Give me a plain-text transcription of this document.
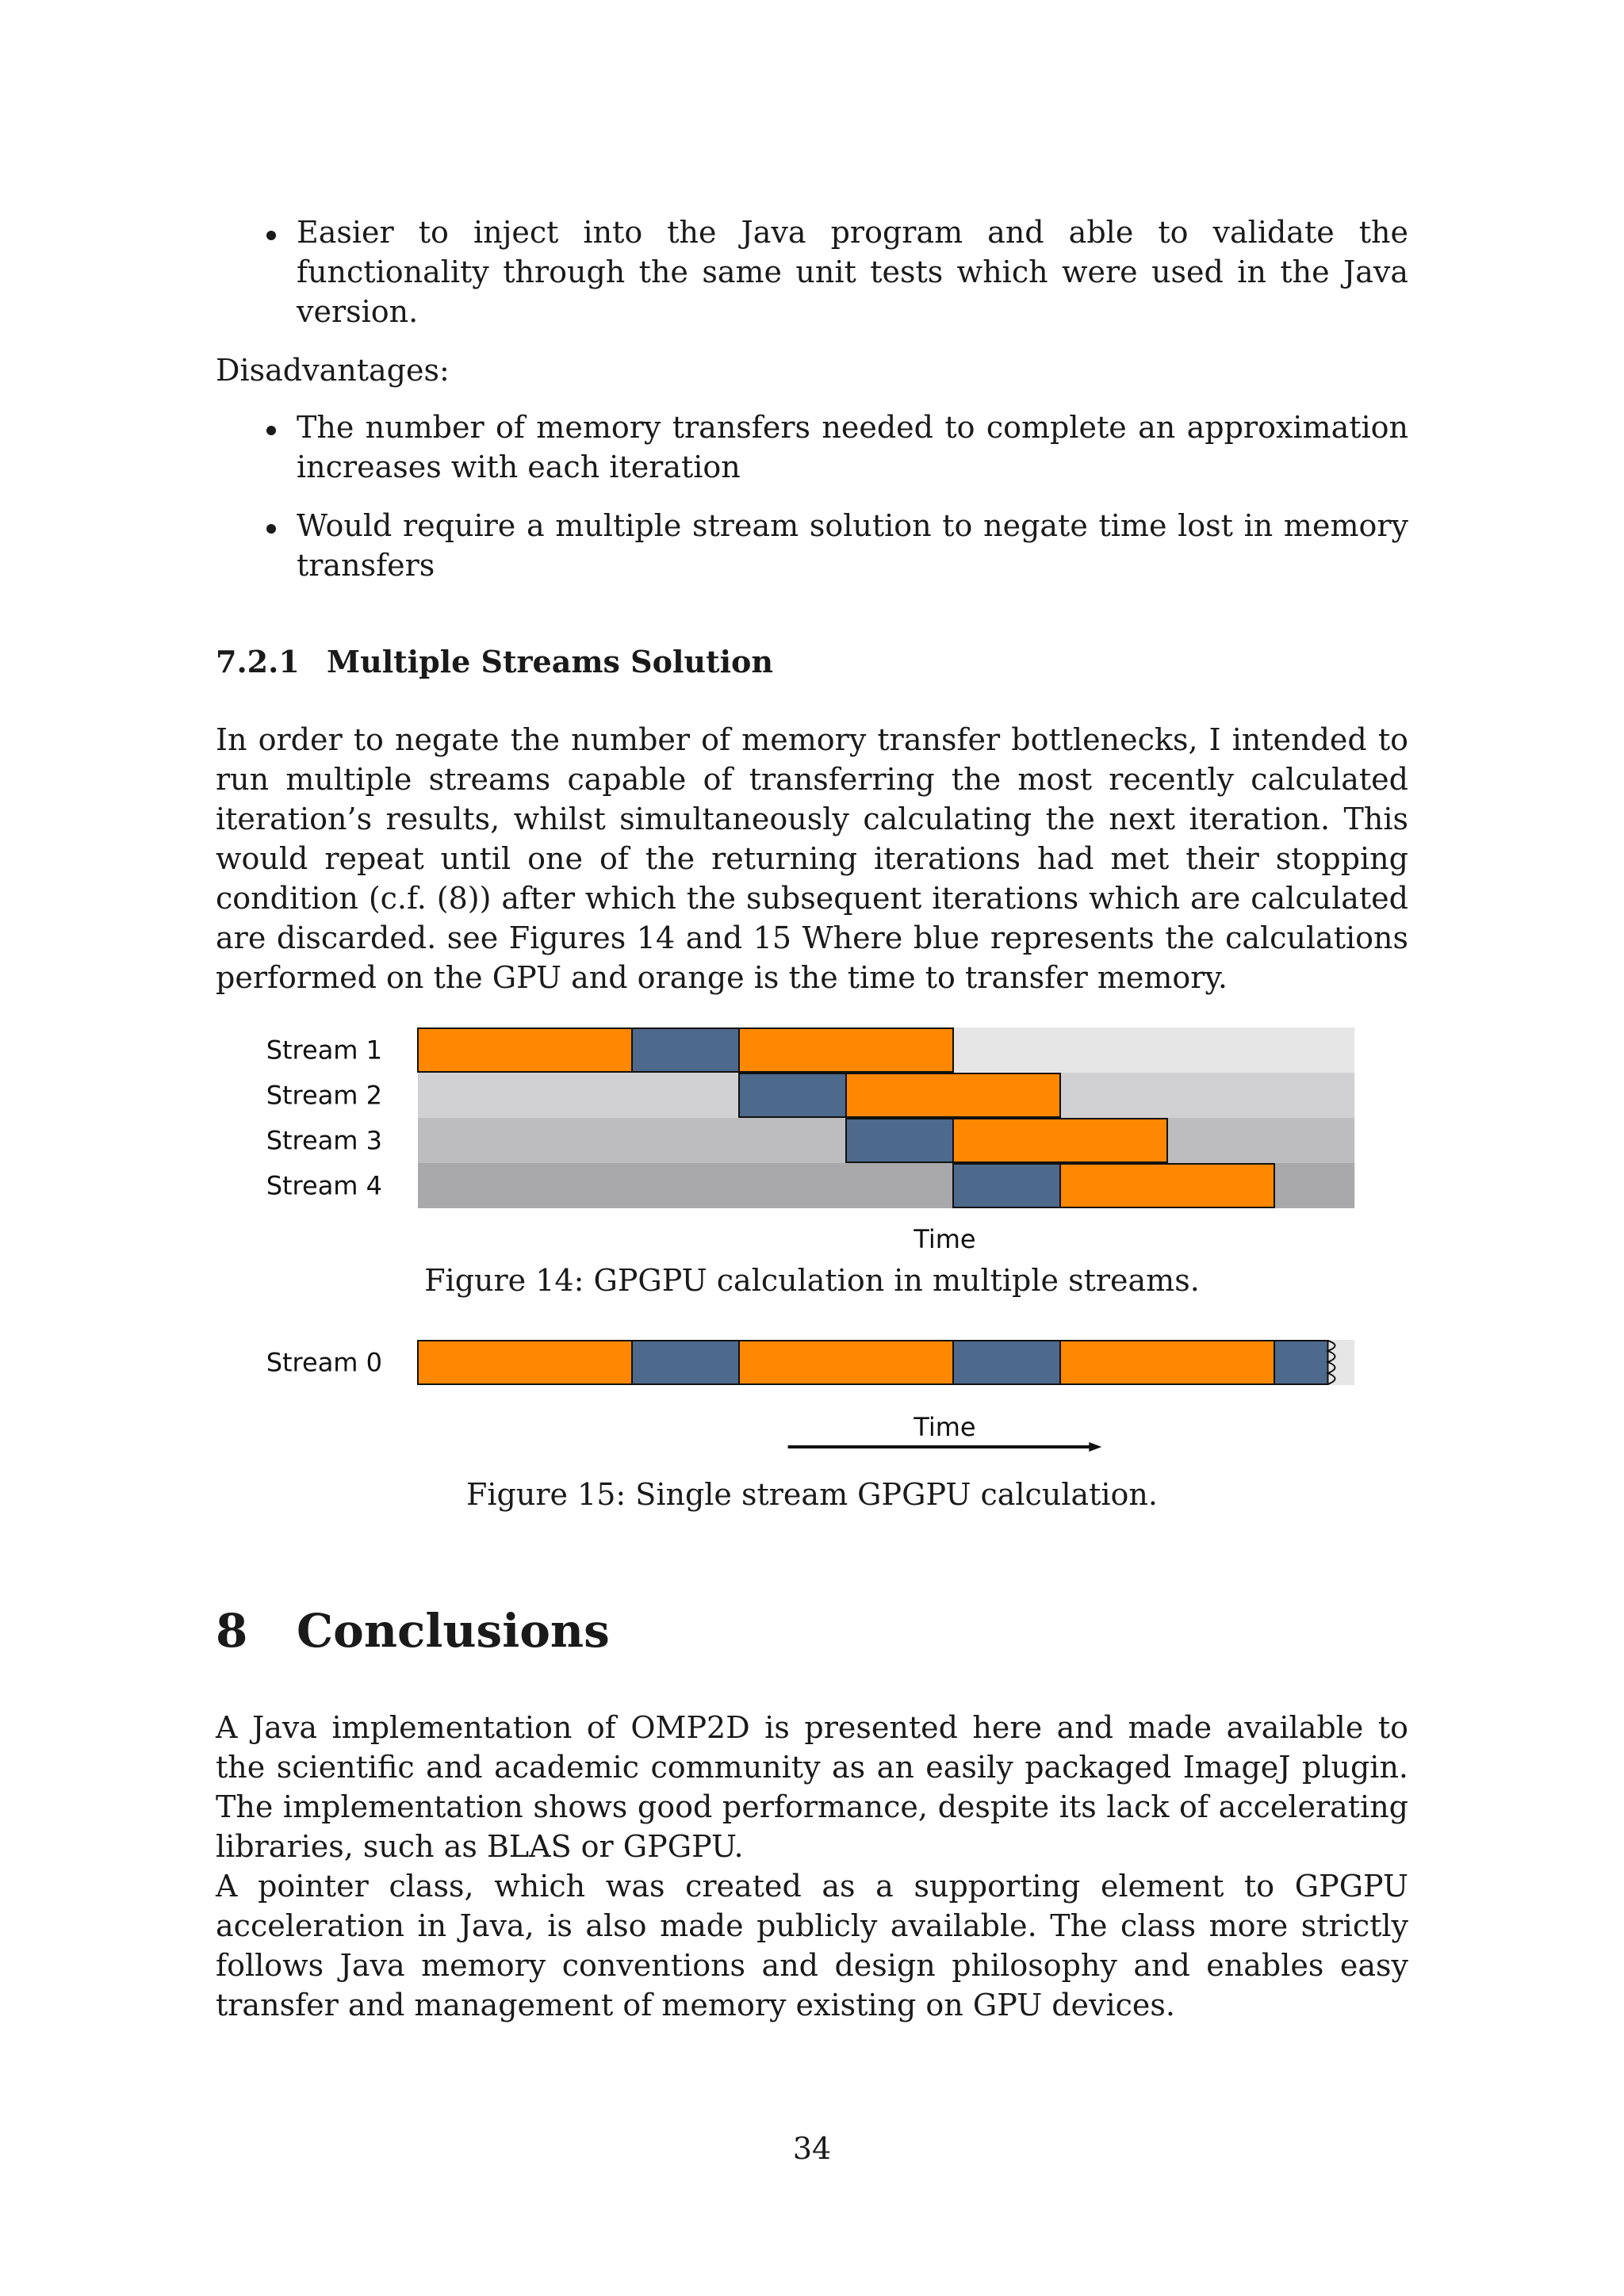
Easier to inject into the Java program and able to validate the functionality through the same unit tests which were used in the Java version.
Disadvantages:
The number of memory transfers needed to complete an approximation increases with each iteration
Would require a multiple stream solution to negate time lost in memory transfers
7.2.1 Multiple Streams Solution

In order to negate the number of memory transfer bottlenecks, I intended to run multiple streams capable of transferring the most recently calculated iteration’s results, whilst simultaneously calculating the next iteration. This would repeat until one of the returning iterations had met their stopping condition (c.f. (8)) after which the subsequent iterations which are calculated are discarded. see Figures 14 and 15 Where blue represents the calculations performed on the GPU and orange is the time to transfer memory.

Stream 1
Stream 2
Stream 3
Stream 4
Time

Figure 14: GPGPU calculation in multiple streams.

Stream 0
Time

Figure 15: Single stream GPGPU calculation.

8 Conclusions

A Java implementation of OMP2D is presented here and made available to the scientific and academic community as an easily packaged ImageJ plugin. The implementation shows good performance, despite its lack of accelerating libraries, such as BLAS or GPGPU.

A pointer class, which was created as a supporting element to GPGPU acceleration in Java, is also made publicly available. The class more strictly follows Java memory conventions and design philosophy and enables easy transfer and management of memory existing on GPU devices.

34
